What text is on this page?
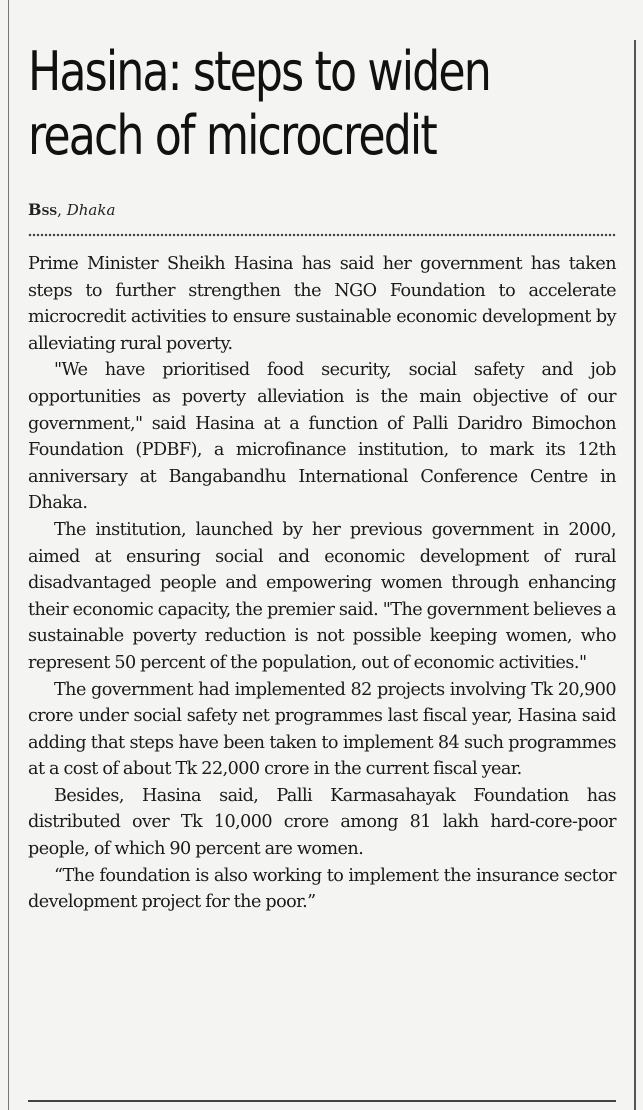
Hasina: steps to widen
reach of microcredit
Bss, Dhaka

Prime Minister Sheikh Hasina has said her government has taken steps to further strengthen the NGO Foundation to accelerate microcredit activities to ensure sustainable economic development by alleviating rural poverty.

"We have prioritised food security, social safety and job opportunities as poverty alleviation is the main objective of our government," said Hasina at a function of Palli Daridro Bimochon Foundation (PDBF), a microfinance institution, to mark its 12th anniversary at Bangabandhu International Conference Centre in Dhaka.

The institution, launched by her previous government in 2000, aimed at ensuring social and economic development of rural disadvantaged people and empowering women through enhancing their economic capacity, the premier said. "The government believes a sustainable poverty reduction is not possible keeping women, who represent 50 percent of the population, out of economic activities."

The government had implemented 82 projects involving Tk 20,900 crore under social safety net programmes last fiscal year, Hasina said adding that steps have been taken to implement 84 such programmes at a cost of about Tk 22,000 crore in the current fiscal year.

Besides, Hasina said, Palli Karmasahayak Foundation has distributed over Tk 10,000 crore among 81 lakh hard-core-poor people, of which 90 percent are women.

“The foundation is also working to implement the insurance sector development project for the poor.”
